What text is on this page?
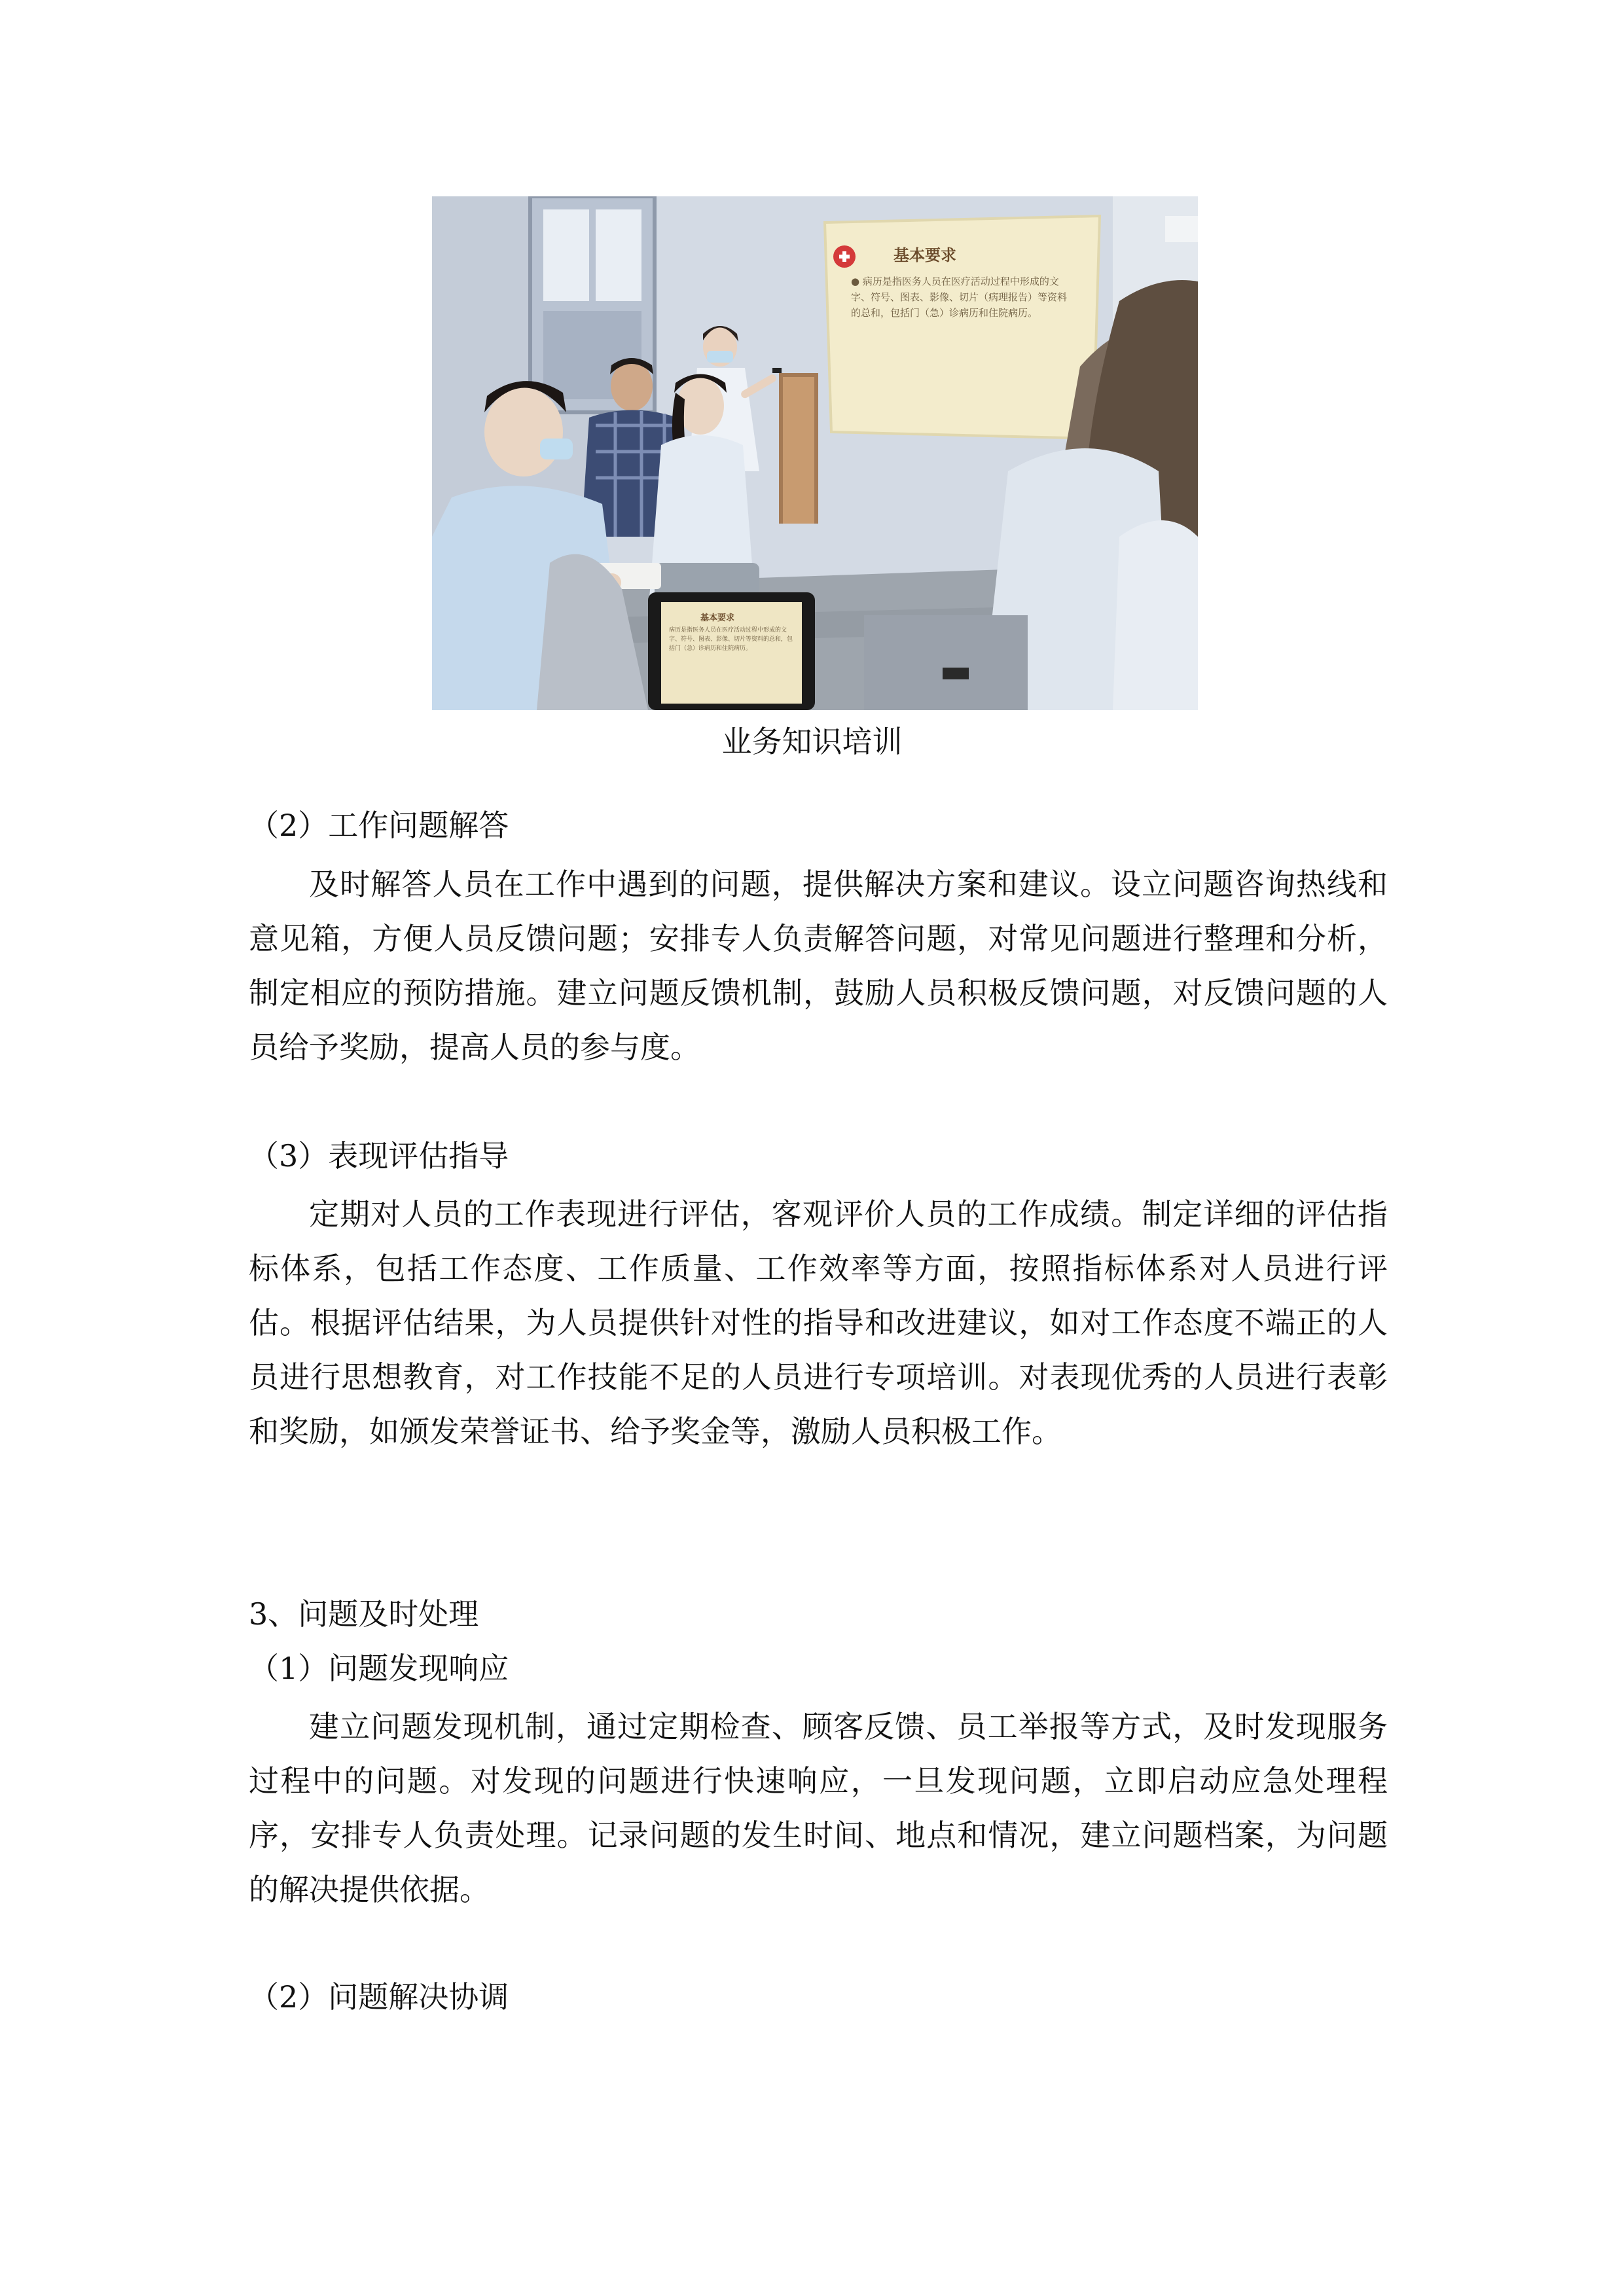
基本要求
● 病历是指医务人员在医疗活动过程中形成的文字、符号、图表、影像、切片（病理报告）等资料的总和，包括门（急）诊病历和住院病历。
基本要求
病历是指医务人员在医疗活动过程中形成的文字、符号、图表、影像、切片等资料的总和，包括门（急）诊病历和住院病历。
业务知识培训
（2）工作问题解答

及时解答人员在工作中遇到的问题，提供解决方案和建议。设立问题咨询热线和意见箱，方便人员反馈问题；安排专人负责解答问题，对常见问题进行整理和分析，制定相应的预防措施。建立问题反馈机制，鼓励人员积极反馈问题，对反馈问题的人员给予奖励，提高人员的参与度。

（3）表现评估指导

定期对人员的工作表现进行评估，客观评价人员的工作成绩。制定详细的评估指标体系，包括工作态度、工作质量、工作效率等方面，按照指标体系对人员进行评估。根据评估结果，为人员提供针对性的指导和改进建议，如对工作态度不端正的人员进行思想教育，对工作技能不足的人员进行专项培训。对表现优秀的人员进行表彰和奖励，如颁发荣誉证书、给予奖金等，激励人员积极工作。

3、问题及时处理
（1）问题发现响应

建立问题发现机制，通过定期检查、顾客反馈、员工举报等方式，及时发现服务过程中的问题。对发现的问题进行快速响应，一旦发现问题，立即启动应急处理程序，安排专人负责处理。记录问题的发生时间、地点和情况，建立问题档案，为问题的解决提供依据。

（2）问题解决协调
